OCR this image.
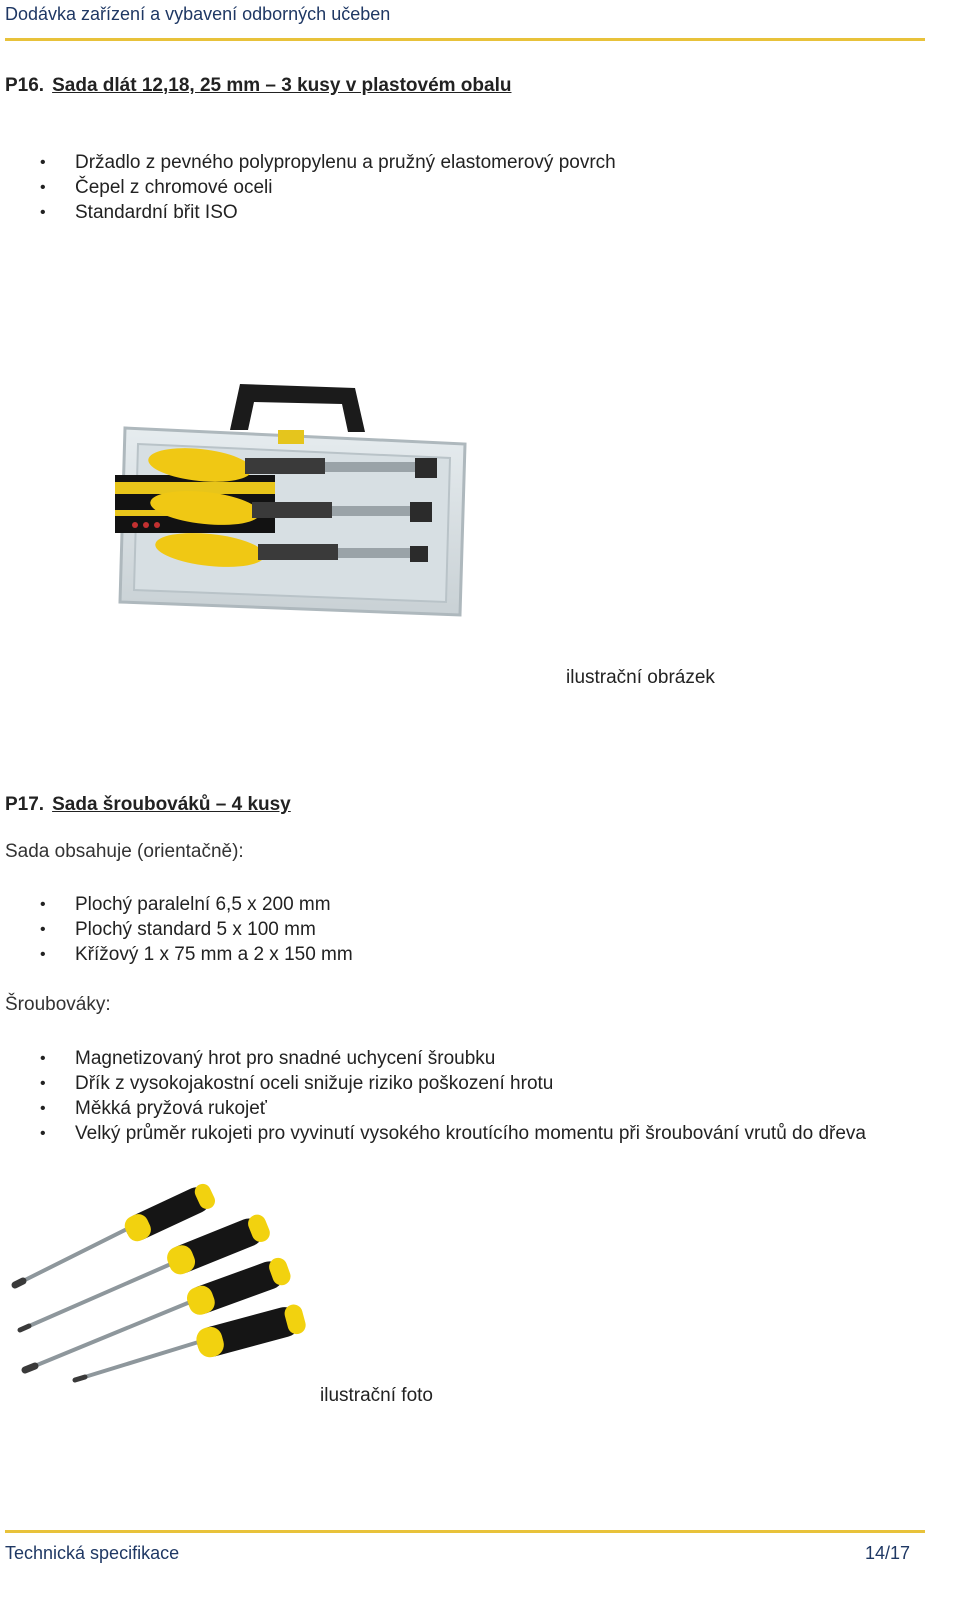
Dodávka zařízení a vybavení odborných učeben
P16. Sada dlát 12,18, 25 mm – 3 kusy v plastovém obalu
• Držadlo z pevného polypropylenu a pružný elastomerový povrch
• Čepel z chromové oceli
• Standardní břit ISO
ilustrační obrázek
P17. Sada šroubováků – 4 kusy
Sada obsahuje (orientačně):
• Plochý paralelní 6,5 x 200 mm
• Plochý standard 5 x 100 mm
• Křížový 1 x 75 mm a 2 x 150 mm
Šroubováky:
• Magnetizovaný hrot pro snadné uchycení šroubku
• Dřík z vysokojakostní oceli snižuje riziko poškození hrotu
• Měkká pryžová rukojeť
• Velký průměr rukojeti pro vyvinutí vysokého kroutícího momentu při šroubování vrutů do dřeva
ilustrační foto
Technická specifikace	14/17
